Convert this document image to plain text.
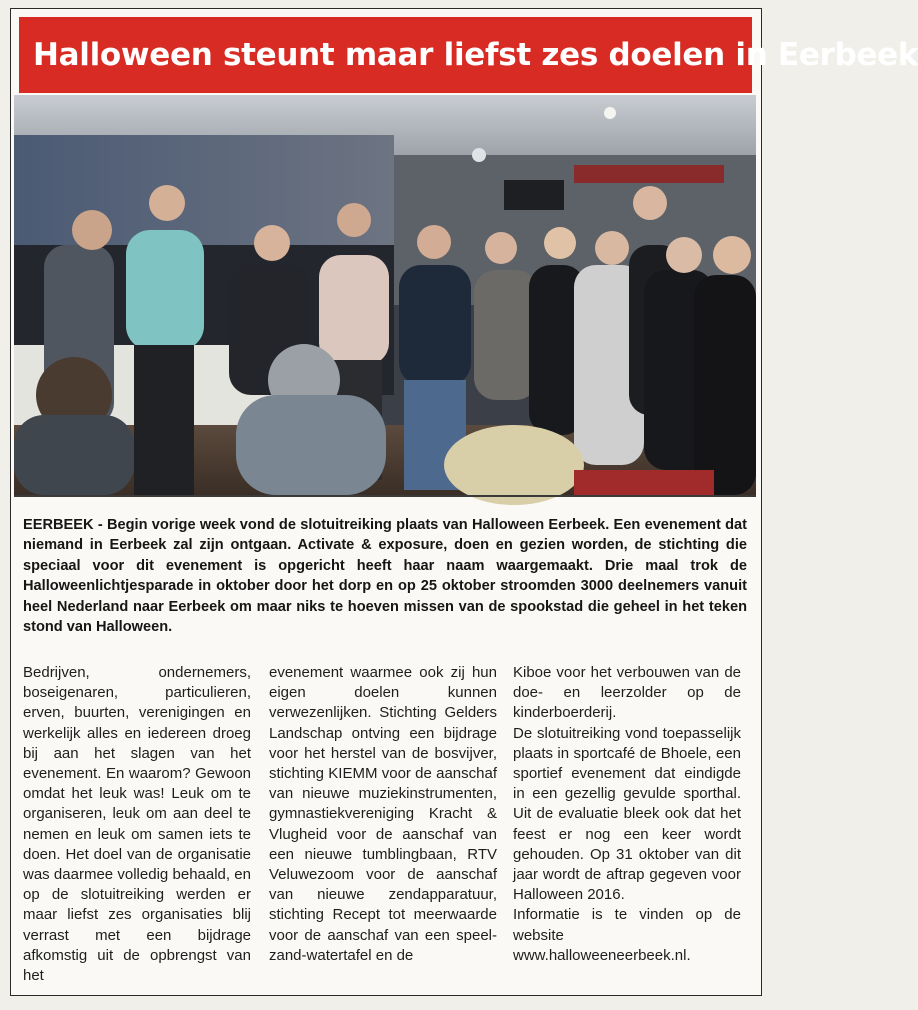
Halloween steunt maar liefst zes doelen in Eerbeek

EERBEEK - Begin vorige week vond de slotuitreiking plaats van Halloween Eerbeek. Een evenement dat niemand in Eerbeek zal zijn ontgaan. Activate & exposure, doen en gezien worden, de stichting die speciaal voor dit evenement is opgericht heeft haar naam waargemaakt. Drie maal trok de Halloweenlichtjesparade in oktober door het dorp en op 25 oktober stroomden 3000 deelnemers vanuit heel Nederland naar Eerbeek om maar niks te hoeven missen van de spookstad die geheel in het teken stond van Halloween.

Bedrijven, ondernemers, boseigenaren, particulieren, erven, buurten, verenigingen en werkelijk alles en iedereen droeg bij aan het slagen van het evenement. En waarom? Gewoon omdat het leuk was! Leuk om te organiseren, leuk om aan deel te nemen en leuk om samen iets te doen. Het doel van de organisatie was daarmee volledig behaald, en op de slotuitreiking werden er maar liefst zes organisaties blij verrast met een bijdrage afkomstig uit de opbrengst van het

evenement waarmee ook zij hun eigen doelen kunnen verwezenlijken. Stichting Gelders Landschap ontving een bijdrage voor het herstel van de bosvijver, stichting KIEMM voor de aanschaf van nieuwe muziekinstrumenten, gymnastiekvereniging Kracht & Vlugheid voor de aanschaf van een nieuwe tumblingbaan, RTV Veluwezoom voor de aanschaf van nieuwe zendapparatuur, stichting Recept tot meerwaarde voor de aanschaf van een speel-zand-watertafel en de

Kiboe voor het verbouwen van de doe- en leerzolder op de kinderboerderij.

De slotuitreiking vond toepasselijk plaats in sportcafé de Bhoele, een sportief evenement dat eindigde in een gezellig gevulde sporthal. Uit de evaluatie bleek ook dat het feest er nog een keer wordt gehouden. Op 31 oktober van dit jaar wordt de aftrap gegeven voor Halloween 2016.

Informatie is te vinden op de website www.halloweeneerbeek.nl.
